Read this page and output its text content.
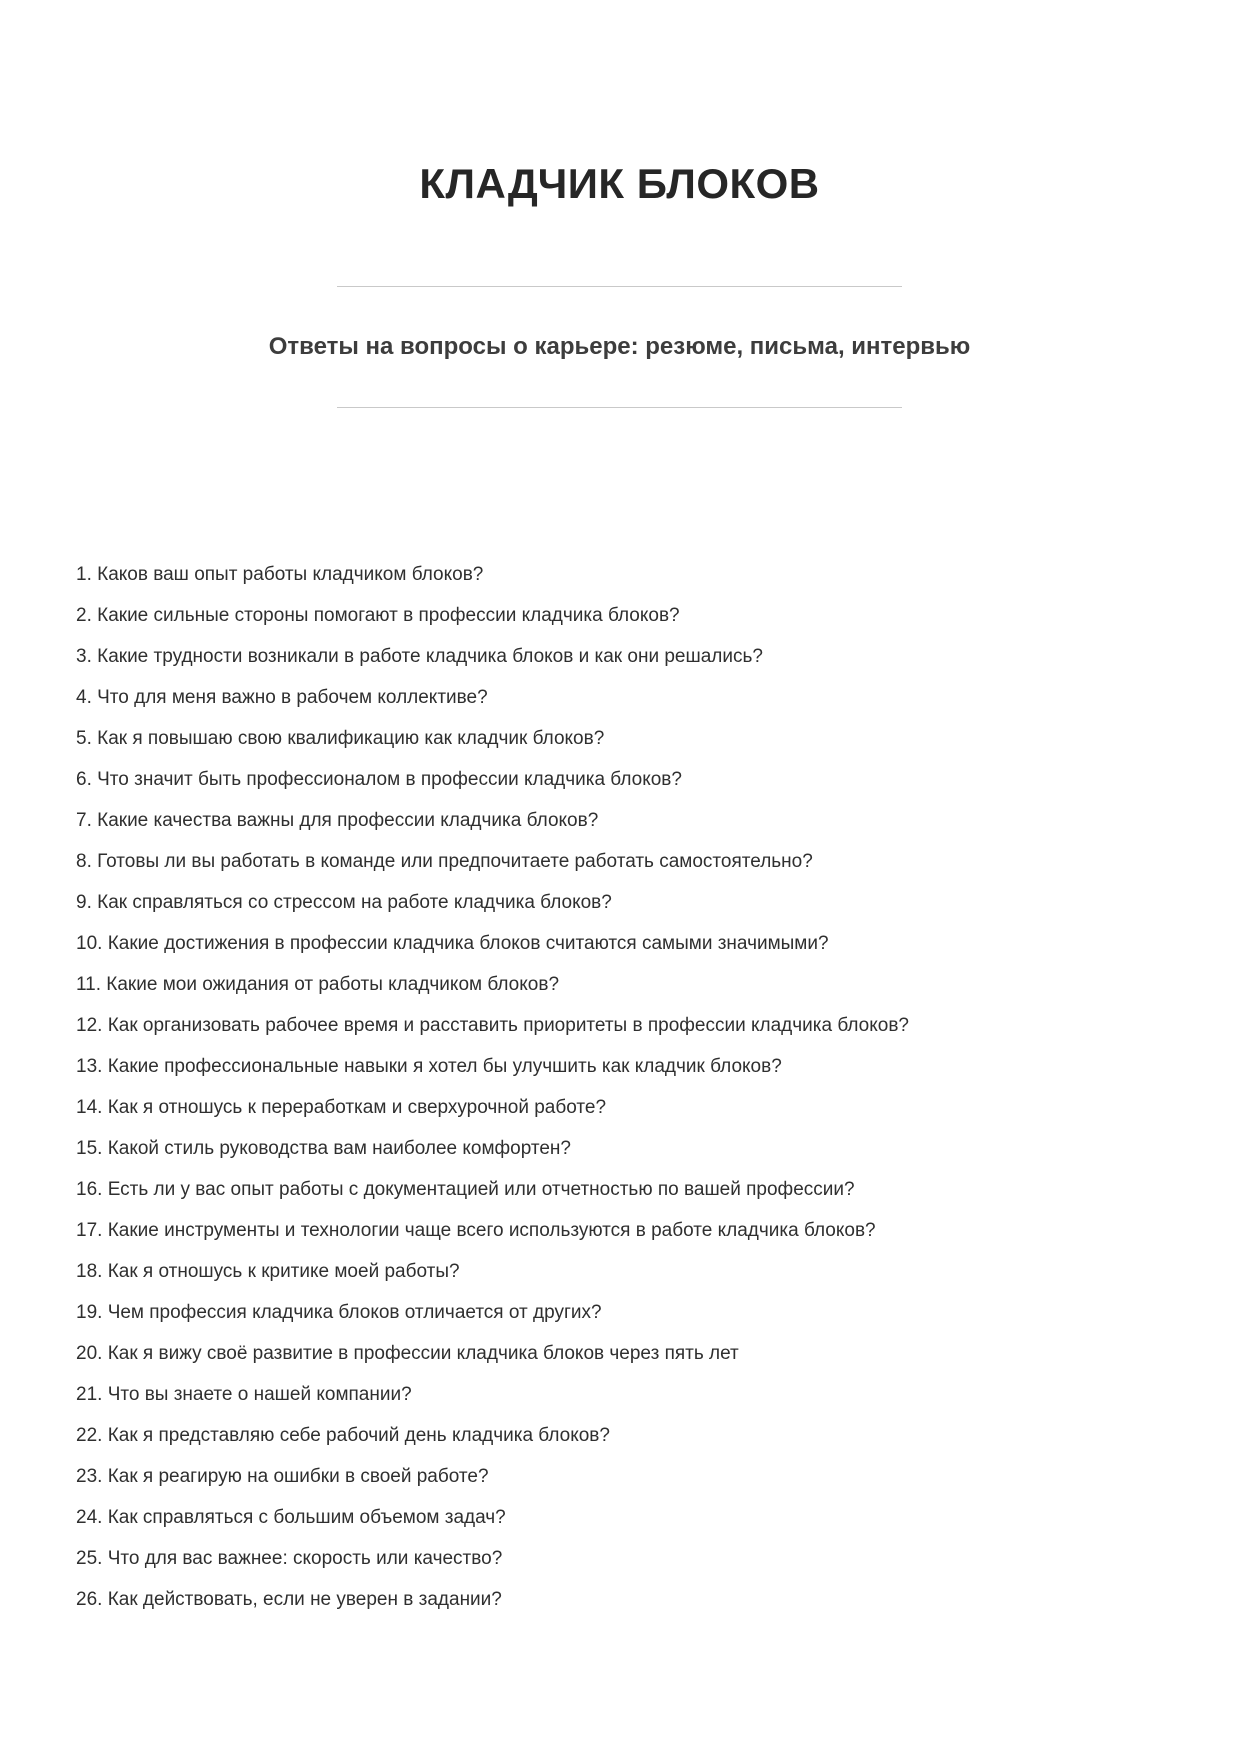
КЛАДЧИК БЛОКОВ
Ответы на вопросы о карьере: резюме, письма, интервью

1. Каков ваш опыт работы кладчиком блоков?

2. Какие сильные стороны помогают в профессии кладчика блоков?

3. Какие трудности возникали в работе кладчика блоков и как они решались?

4. Что для меня важно в рабочем коллективе?

5. Как я повышаю свою квалификацию как кладчик блоков?

6. Что значит быть профессионалом в профессии кладчика блоков?

7. Какие качества важны для профессии кладчика блоков?

8. Готовы ли вы работать в команде или предпочитаете работать самостоятельно?

9. Как справляться со стрессом на работе кладчика блоков?

10. Какие достижения в профессии кладчика блоков считаются самыми значимыми?

11. Какие мои ожидания от работы кладчиком блоков?

12. Как организовать рабочее время и расставить приоритеты в профессии кладчика блоков?

13. Какие профессиональные навыки я хотел бы улучшить как кладчик блоков?

14. Как я отношусь к переработкам и сверхурочной работе?

15. Какой стиль руководства вам наиболее комфортен?

16. Есть ли у вас опыт работы с документацией или отчетностью по вашей профессии?

17. Какие инструменты и технологии чаще всего используются в работе кладчика блоков?

18. Как я отношусь к критике моей работы?

19. Чем профессия кладчика блоков отличается от других?

20. Как я вижу своё развитие в профессии кладчика блоков через пять лет

21. Что вы знаете о нашей компании?

22. Как я представляю себе рабочий день кладчика блоков?

23. Как я реагирую на ошибки в своей работе?

24. Как справляться с большим объемом задач?

25. Что для вас важнее: скорость или качество?

26. Как действовать, если не уверен в задании?
